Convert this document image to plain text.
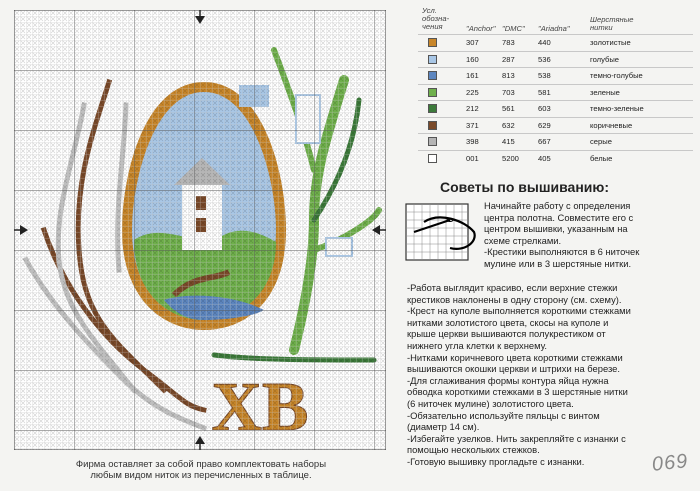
Фирма оставляет за собой право комплектовать наборы
любым видом ниток из перечисленных в таблице.
Усл. обозна-чения	"Anchor" "DMC" "Ariadna"
Шерстяные нитки
307	783	440	золотистые
160	287	536	голубые
161	813	538	темно-голубые
225	703	581	зеленые
212	561	603	темно-зеленые
371	632	629	коричневые
398	415	667	серые
001	5200	405	белые
Советы по вышиванию:

Начинайте работу с определения

центра полотна. Совместите его с

центром вышивки, указанным на

схеме стрелками.

-Крестики выполняются в 6 ниточек

мулине или в 3 шерстяные нитки.

-Работа выглядит красиво, если верхние стежки

крестиков наклонены в одну сторону (см. схему).

-Крест на куполе выполняется короткими стежками

нитками золотистого цвета, скосы на куполе и

крыше церкви вышиваются полукрестиком от

нижнего угла клетки к верхнему.

-Нитками коричневого цвета короткими стежками

вышиваются окошки церкви и штрихи на березе.

-Для сглаживания формы контура яйца нужна

обводка короткими стежками в 3 шерстяные нитки

(6 ниточек мулине) золотистого цвета.

-Обязательно используйте пяльцы с винтом

(диаметр 14 см).

-Избегайте узелков. Нить закрепляйте с изнанки с

помощью нескольких стежков.

-Готовую вышивку прогладьте с изнанки.	069
